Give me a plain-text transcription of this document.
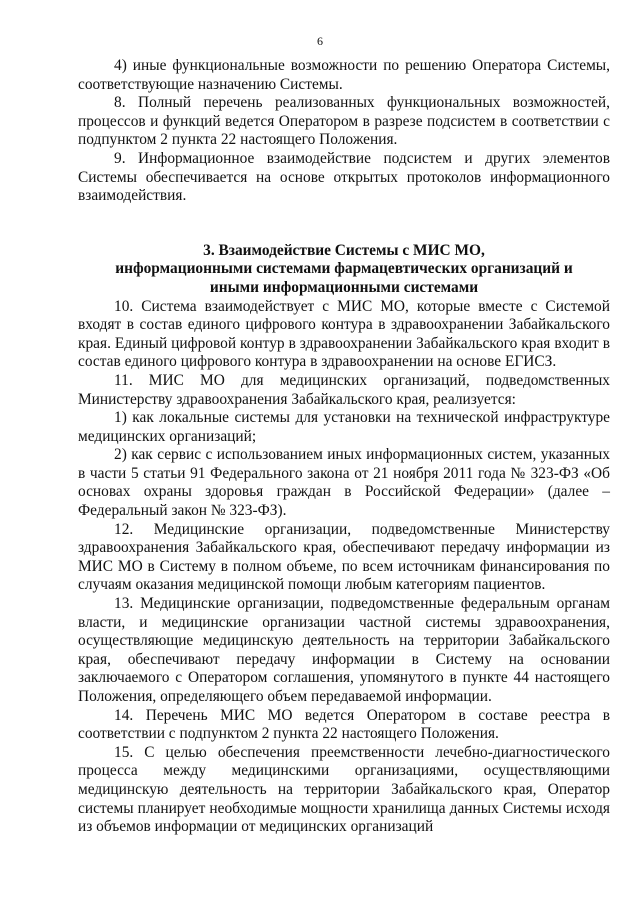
6

4) иные функциональные возможности по решению Оператора Системы, соответствующие назначению Системы.

8. Полный перечень реализованных функциональных возможностей, процессов и функций ведется Оператором в разрезе подсистем в соответствии с подпунктом 2 пункта 22 настоящего Положения.

9. Информационное взаимодействие подсистем и других элементов Системы обеспечивается на основе открытых протоколов информационного взаимодействия.

3. Взаимодействие Системы с МИС МО,
информационными системами фармацевтических организаций и
иными информационными системами

10. Система взаимодействует с МИС МО, которые вместе с Системой входят в состав единого цифрового контура в здравоохранении Забайкальского края. Единый цифровой контур в здравоохранении Забайкальского края входит в состав единого цифрового контура в здравоохранении на основе ЕГИСЗ.

11. МИС МО для медицинских организаций, подведомственных Министерству здравоохранения Забайкальского края, реализуется:

1) как локальные системы для установки на технической инфраструктуре медицинских организаций;

2) как сервис с использованием иных информационных систем, указанных в части 5 статьи 91 Федерального закона от 21 ноября 2011 года № 323-ФЗ «Об основах охраны здоровья граждан в Российской Федерации» (далее – Федеральный закон № 323-ФЗ).

12. Медицинские организации, подведомственные Министерству здравоохранения Забайкальского края, обеспечивают передачу информации из МИС МО в Систему в полном объеме, по всем источникам финансирования по случаям оказания медицинской помощи любым категориям пациентов.

13. Медицинские организации, подведомственные федеральным органам власти, и медицинские организации частной системы здравоохранения, осуществляющие медицинскую деятельность на территории Забайкальского края, обеспечивают передачу информации в Систему на основании заключаемого с Оператором соглашения, упомянутого в пункте 44 настоящего Положения, определяющего объем передаваемой информации.

14. Перечень МИС МО ведется Оператором в составе реестра в соответствии с подпунктом 2 пункта 22 настоящего Положения.

15. С целью обеспечения преемственности лечебно-диагностического процесса между медицинскими организациями, осуществляющими медицинскую деятельность на территории Забайкальского края, Оператор системы планирует необходимые мощности хранилища данных Системы исходя из объемов информации от медицинских организаций
